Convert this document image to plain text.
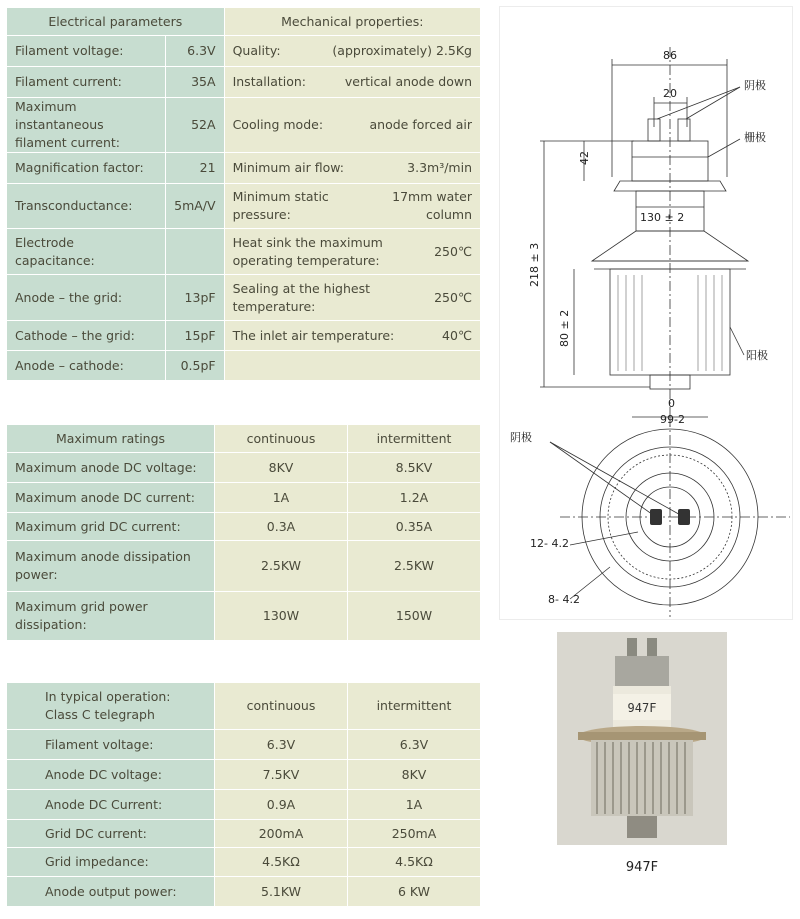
Electrical parameters		Mechanical properties:
Filament voltage:	6.3V	Quality: (approximately) 2.5Kg

Filament current:	35A	Installation: vertical anode down

Maximum instantaneous filament current:	52A	Cooling mode: anode forced air

Magnification factor:	21	Minimum air flow: 3.3m³/min

Transconductance:	5mA/V	Minimum static pressure:
17mm water column

Electrode capacitance:		Heat sink the maximum operating temperature:
250℃

Anode – the grid:	13pF	Sealing at the highest temperature:
250℃

Cathode – the grid:	15pF	The inlet air temperature: 40℃

Anode – cathode:	0.5pF	
Maximum ratings	continuous	intermittent
Maximum anode DC voltage:	8KV	8.5KV
Maximum anode DC current:	1A	1.2A
Maximum grid DC current:	0.3A	0.35A
Maximum anode dissipation power:	2.5KW	2.5KW
Maximum grid power dissipation:	130W	150W
In typical operation: Class C telegraph	continuous	intermittent
Filament voltage:	6.3V	6.3V
Anode DC voltage:	7.5KV	8KV
Anode DC Current:	0.9A	1A
Grid DC current:	200mA	250mA
Grid impedance:	4.5KΩ	4.5KΩ
Anode output power:	5.1KW	6 KW
86
20
42
130 ± 2
218 ± 3
80 ± 2
0
99-2
12- 4.2
8- 4.2
阴极
栅极
阳极
阴极
947F
947F
